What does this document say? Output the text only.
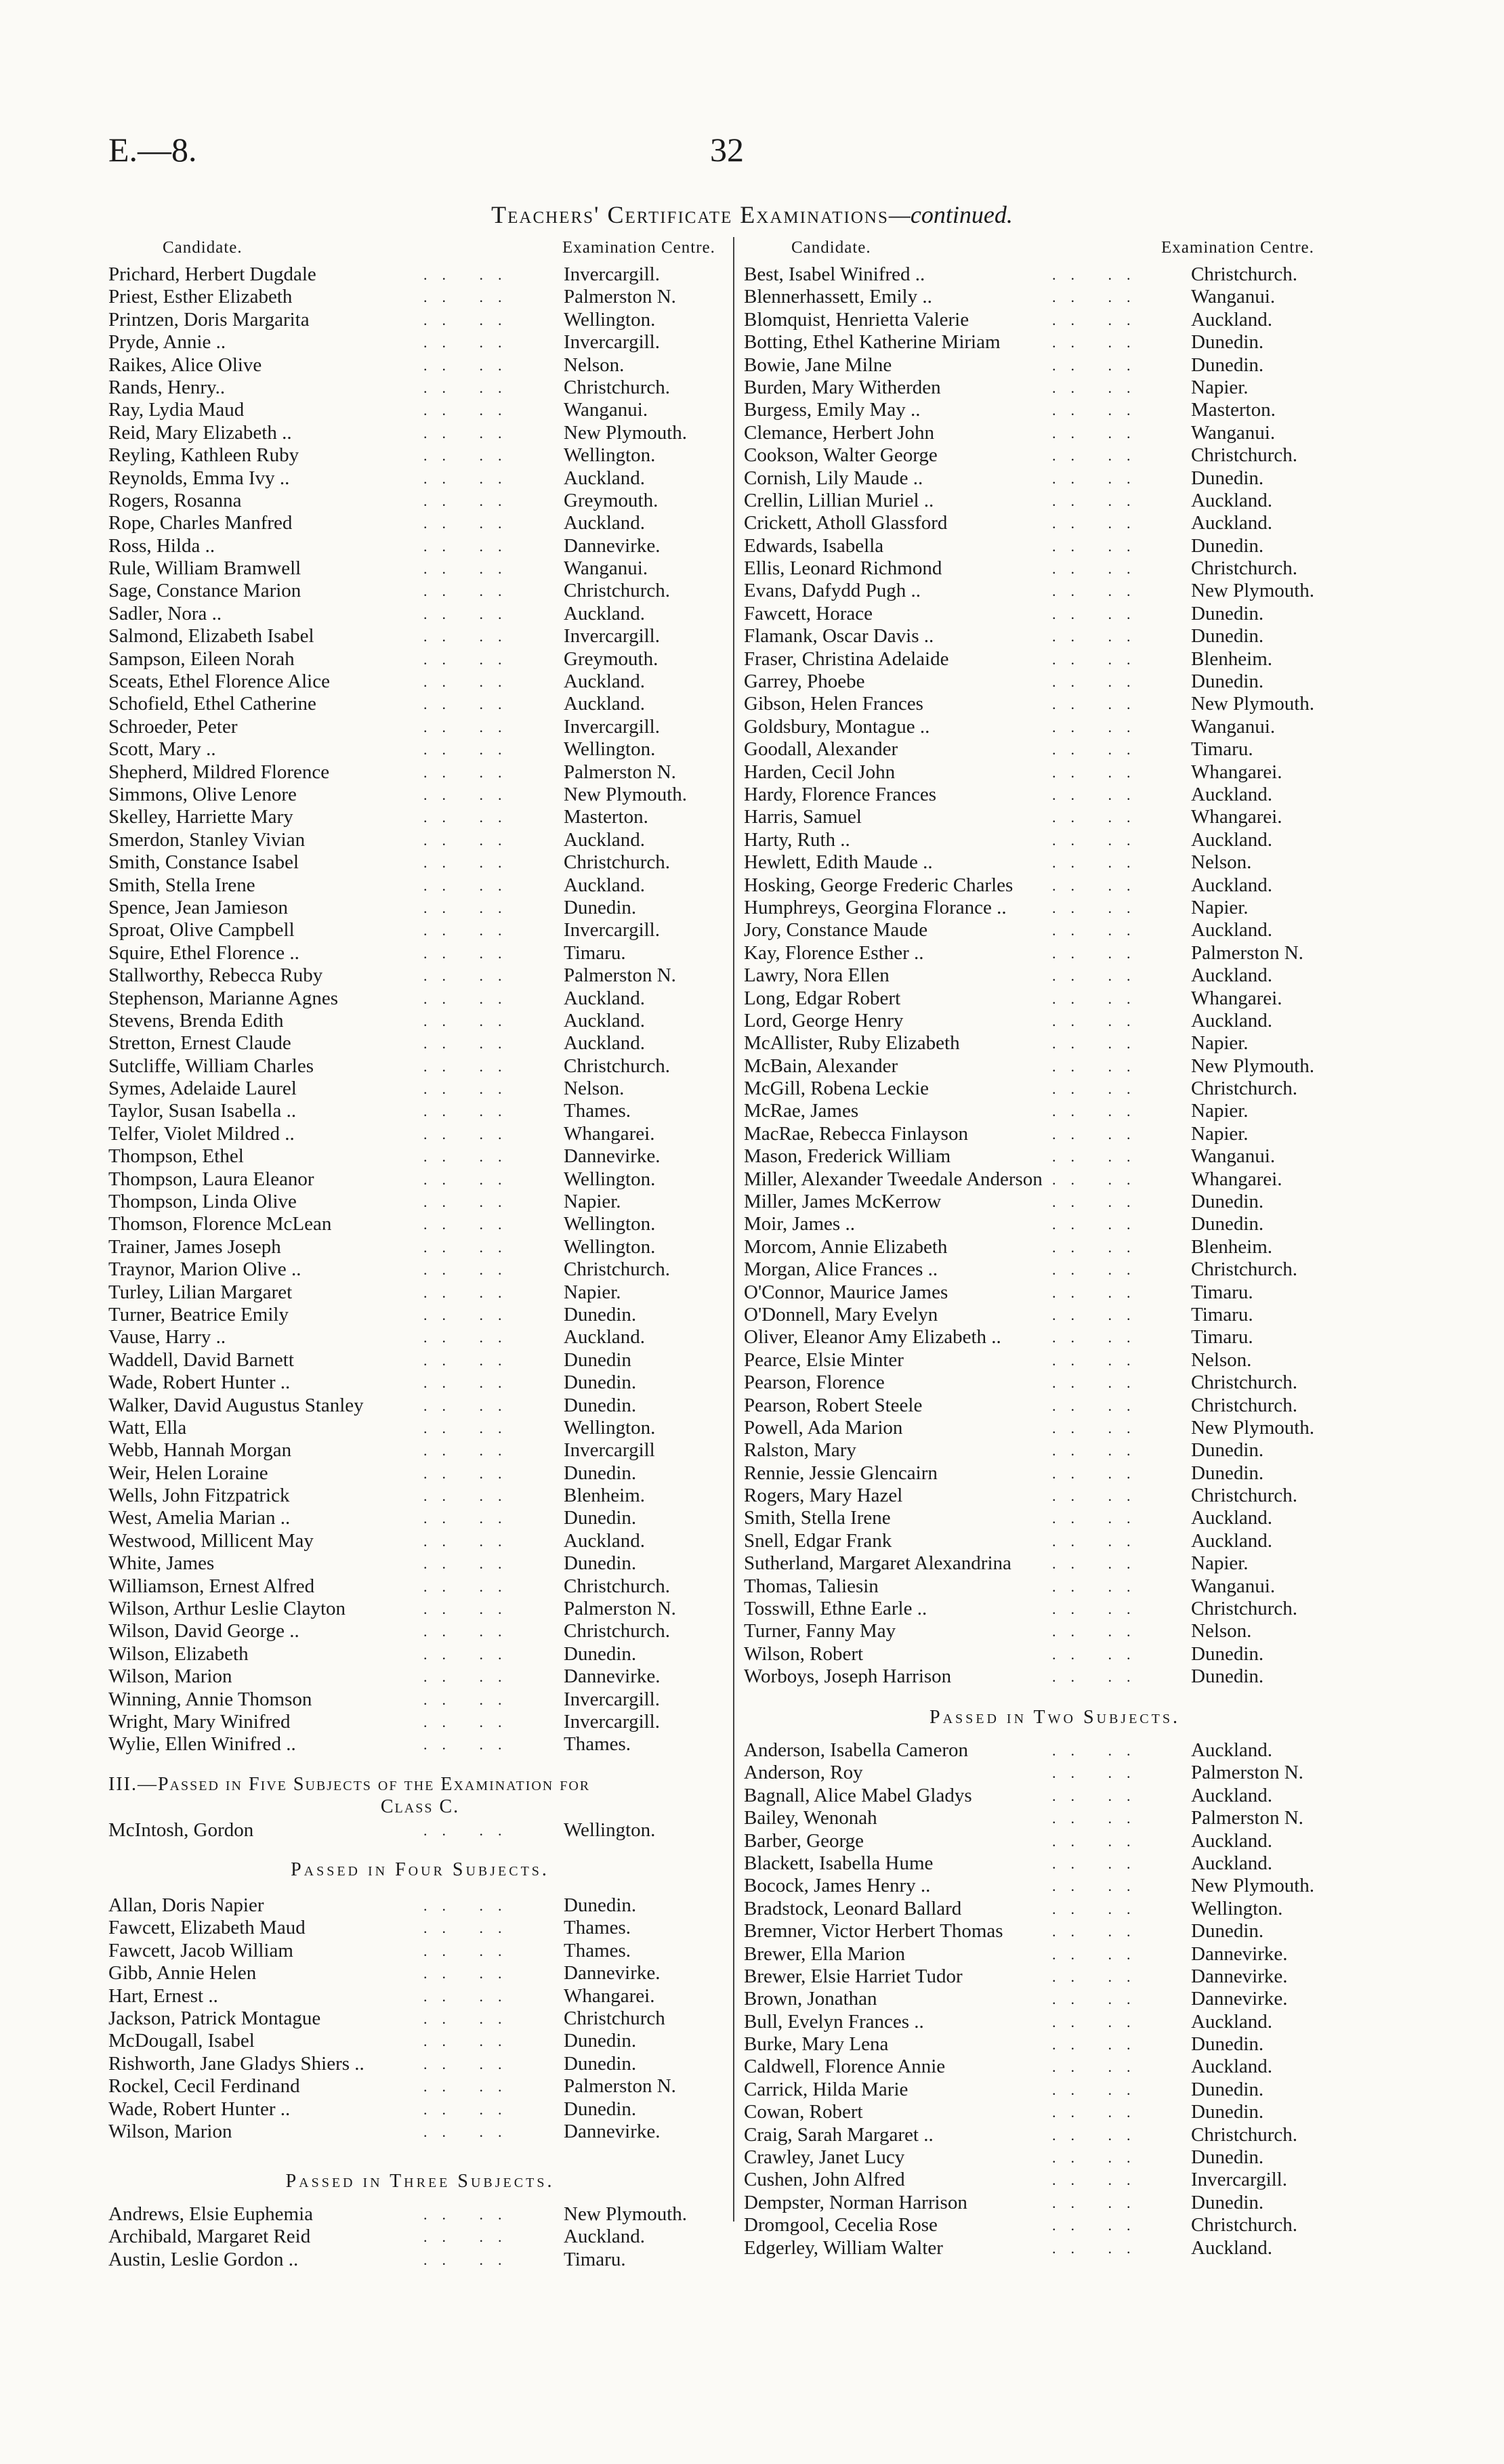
E.—8.	32
Teachers' Certificate Examinations—continued.
Candidate.	Examination Centre.
Prichard, Herbert Dugdale	.. .. Invercargill.
Priest, Esther Elizabeth	.. .. Palmerston N.
Printzen, Doris Margarita	.. .. Wellington.
Pryde, Annie ..	.. .. Invercargill.
Raikes, Alice Olive	.. .. Nelson.
Rands, Henry..	.. .. Christchurch.
Ray, Lydia Maud	.. .. Wanganui.
Reid, Mary Elizabeth ..	.. .. New Plymouth.
Reyling, Kathleen Ruby	.. .. Wellington.
Reynolds, Emma Ivy ..	.. .. Auckland.
Rogers, Rosanna	.. .. Greymouth.
Rope, Charles Manfred	.. .. Auckland.
Ross, Hilda ..	.. .. Dannevirke.
Rule, William Bramwell	.. .. Wanganui.
Sage, Constance Marion	.. .. Christchurch.
Sadler, Nora ..	.. .. Auckland.
Salmond, Elizabeth Isabel	.. .. Invercargill.
Sampson, Eileen Norah	.. .. Greymouth.
Sceats, Ethel Florence Alice	.. .. Auckland.
Schofield, Ethel Catherine	.. .. Auckland.
Schroeder, Peter	.. .. Invercargill.
Scott, Mary ..	.. .. Wellington.
Shepherd, Mildred Florence	.. .. Palmerston N.
Simmons, Olive Lenore	.. .. New Plymouth.
Skelley, Harriette Mary	.. .. Masterton.
Smerdon, Stanley Vivian	.. .. Auckland.
Smith, Constance Isabel	.. .. Christchurch.
Smith, Stella Irene	.. .. Auckland.
Spence, Jean Jamieson	.. .. Dunedin.
Sproat, Olive Campbell	.. .. Invercargill.
Squire, Ethel Florence ..	.. .. Timaru.
Stallworthy, Rebecca Ruby	.. .. Palmerston N.
Stephenson, Marianne Agnes	.. .. Auckland.
Stevens, Brenda Edith	.. .. Auckland.
Stretton, Ernest Claude	.. .. Auckland.
Sutcliffe, William Charles	.. .. Christchurch.
Symes, Adelaide Laurel	.. .. Nelson.
Taylor, Susan Isabella ..	.. .. Thames.
Telfer, Violet Mildred ..	.. .. Whangarei.
Thompson, Ethel	.. .. Dannevirke.
Thompson, Laura Eleanor	.. .. Wellington.
Thompson, Linda Olive	.. .. Napier.
Thomson, Florence McLean	.. .. Wellington.
Trainer, James Joseph	.. .. Wellington.
Traynor, Marion Olive ..	.. .. Christchurch.
Turley, Lilian Margaret	.. .. Napier.
Turner, Beatrice Emily	.. .. Dunedin.
Vause, Harry ..	.. .. Auckland.
Waddell, David Barnett	.. .. Dunedin
Wade, Robert Hunter ..	.. .. Dunedin.
Walker, David Augustus Stanley	.. .. Dunedin.
Watt, Ella	.. .. Wellington.
Webb, Hannah Morgan	.. .. Invercargill
Weir, Helen Loraine	.. .. Dunedin.
Wells, John Fitzpatrick	.. .. Blenheim.
West, Amelia Marian ..	.. .. Dunedin.
Westwood, Millicent May	.. .. Auckland.
White, James	.. .. Dunedin.
Williamson, Ernest Alfred	.. .. Christchurch.
Wilson, Arthur Leslie Clayton	.. .. Palmerston N.
Wilson, David George ..	.. .. Christchurch.
Wilson, Elizabeth	.. .. Dunedin.
Wilson, Marion	.. .. Dannevirke.
Winning, Annie Thomson	.. .. Invercargill.
Wright, Mary Winifred	.. .. Invercargill.
Wylie, Ellen Winifred ..	.. .. Thames.
III.—Passed in Five Subjects of the Examination for
Class C.
McIntosh, Gordon	.. .. Wellington.
Passed in Four Subjects.
Allan, Doris Napier	.. .. Dunedin.
Fawcett, Elizabeth Maud	.. .. Thames.
Fawcett, Jacob William	.. .. Thames.
Gibb, Annie Helen	.. .. Dannevirke.
Hart, Ernest ..	.. .. Whangarei.
Jackson, Patrick Montague	.. .. Christchurch
McDougall, Isabel	.. .. Dunedin.
Rishworth, Jane Gladys Shiers ..	.. .. Dunedin.
Rockel, Cecil Ferdinand	.. .. Palmerston N.
Wade, Robert Hunter ..	.. .. Dunedin.
Wilson, Marion	.. .. Dannevirke.
Passed in Three Subjects.
Andrews, Elsie Euphemia	.. .. New Plymouth.
Archibald, Margaret Reid	.. .. Auckland.
Austin, Leslie Gordon ..	.. .. Timaru.
Candidate.	Examination Centre.
Best, Isabel Winifred ..	.. .. Christchurch.
Blennerhassett, Emily ..	.. .. Wanganui.
Blomquist, Henrietta Valerie	.. .. Auckland.
Botting, Ethel Katherine Miriam	.. .. Dunedin.
Bowie, Jane Milne	.. .. Dunedin.
Burden, Mary Witherden	.. .. Napier.
Burgess, Emily May ..	.. .. Masterton.
Clemance, Herbert John	.. .. Wanganui.
Cookson, Walter George	.. .. Christchurch.
Cornish, Lily Maude ..	.. .. Dunedin.
Crellin, Lillian Muriel ..	.. .. Auckland.
Crickett, Atholl Glassford	.. .. Auckland.
Edwards, Isabella	.. .. Dunedin.
Ellis, Leonard Richmond	.. .. Christchurch.
Evans, Dafydd Pugh ..	.. .. New Plymouth.
Fawcett, Horace	.. .. Dunedin.
Flamank, Oscar Davis ..	.. .. Dunedin.
Fraser, Christina Adelaide	.. .. Blenheim.
Garrey, Phoebe	.. .. Dunedin.
Gibson, Helen Frances	.. .. New Plymouth.
Goldsbury, Montague ..	.. .. Wanganui.
Goodall, Alexander	.. .. Timaru.
Harden, Cecil John	.. .. Whangarei.
Hardy, Florence Frances	.. .. Auckland.
Harris, Samuel	.. .. Whangarei.
Harty, Ruth ..	.. .. Auckland.
Hewlett, Edith Maude ..	.. .. Nelson.
Hosking, George Frederic Charles	.. .. Auckland.
Humphreys, Georgina Florance ..	.. .. Napier.
Jory, Constance Maude	.. .. Auckland.
Kay, Florence Esther ..	.. .. Palmerston N.
Lawry, Nora Ellen	.. .. Auckland.
Long, Edgar Robert	.. .. Whangarei.
Lord, George Henry	.. .. Auckland.
McAllister, Ruby Elizabeth	.. .. Napier.
McBain, Alexander	.. .. New Plymouth.
McGill, Robena Leckie	.. .. Christchurch.
McRae, James	.. .. Napier.
MacRae, Rebecca Finlayson	.. .. Napier.
Mason, Frederick William	.. .. Wanganui.
Miller, Alexander Tweedale Anderson .. .. Whangarei.
Miller, James McKerrow	.. .. Dunedin.
Moir, James ..	.. .. Dunedin.
Morcom, Annie Elizabeth	.. .. Blenheim.
Morgan, Alice Frances ..	.. .. Christchurch.
O'Connor, Maurice James	.. .. Timaru.
O'Donnell, Mary Evelyn	.. .. Timaru.
Oliver, Eleanor Amy Elizabeth ..	.. .. Timaru.
Pearce, Elsie Minter	.. .. Nelson.
Pearson, Florence	.. .. Christchurch.
Pearson, Robert Steele	.. .. Christchurch.
Powell, Ada Marion	.. .. New Plymouth.
Ralston, Mary	.. .. Dunedin.
Rennie, Jessie Glencairn	.. .. Dunedin.
Rogers, Mary Hazel	.. .. Christchurch.
Smith, Stella Irene	.. .. Auckland.
Snell, Edgar Frank	.. .. Auckland.
Sutherland, Margaret Alexandrina	.. .. Napier.
Thomas, Taliesin	.. .. Wanganui.
Tosswill, Ethne Earle ..	.. .. Christchurch.
Turner, Fanny May	.. .. Nelson.
Wilson, Robert	.. .. Dunedin.
Worboys, Joseph Harrison	.. .. Dunedin.
Passed in Two Subjects.
Anderson, Isabella Cameron	.. .. Auckland.
Anderson, Roy	.. .. Palmerston N.
Bagnall, Alice Mabel Gladys	.. .. Auckland.
Bailey, Wenonah	.. .. Palmerston N.
Barber, George	.. .. Auckland.
Blackett, Isabella Hume	.. .. Auckland.
Bocock, James Henry ..	.. .. New Plymouth.
Bradstock, Leonard Ballard	.. .. Wellington.
Bremner, Victor Herbert Thomas	.. .. Dunedin.
Brewer, Ella Marion	.. .. Dannevirke.
Brewer, Elsie Harriet Tudor	.. .. Dannevirke.
Brown, Jonathan	.. .. Dannevirke.
Bull, Evelyn Frances ..	.. .. Auckland.
Burke, Mary Lena	.. .. Dunedin.
Caldwell, Florence Annie	.. .. Auckland.
Carrick, Hilda Marie	.. .. Dunedin.
Cowan, Robert	.. .. Dunedin.
Craig, Sarah Margaret ..	.. .. Christchurch.
Crawley, Janet Lucy	.. .. Dunedin.
Cushen, John Alfred	.. .. Invercargill.
Dempster, Norman Harrison	.. .. Dunedin.
Dromgool, Cecelia Rose	.. .. Christchurch.
Edgerley, William Walter	.. .. Auckland.
